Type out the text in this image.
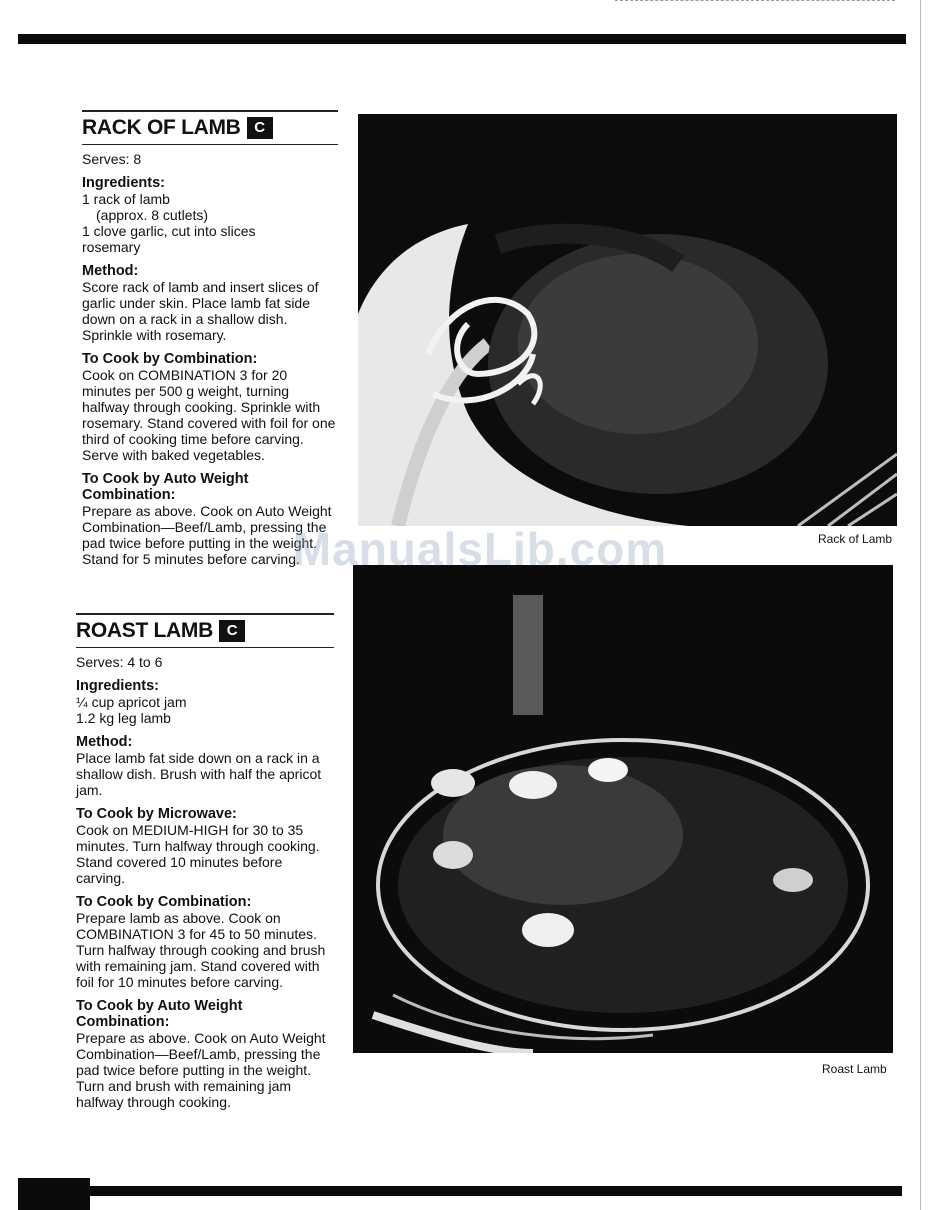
RACK OF LAMB C
Serves: 8
Ingredients:

1 rack of lamb

(approx. 8 cutlets)

1 clove garlic, cut into slices

rosemary

Method:

Score rack of lamb and insert slices of garlic under skin. Place lamb fat side down on a rack in a shallow dish. Sprinkle with rosemary.

To Cook by Combination:

Cook on COMBINATION 3 for 20 minutes per 500 g weight, turning halfway through cooking. Sprinkle with rosemary. Stand covered with foil for one third of cooking time before carving. Serve with baked vegetables.

To Cook by Auto Weight Combination:

Prepare as above. Cook on Auto Weight Combination—Beef/Lamb, pressing the pad twice before putting in the weight. Stand for 5 minutes before carving.

ROAST LAMB C
Serves: 4 to 6
Ingredients:

¼ cup apricot jam

1.2 kg leg lamb

Method:

Place lamb fat side down on a rack in a shallow dish. Brush with half the apricot jam.

To Cook by Microwave:

Cook on MEDIUM-HIGH for 30 to 35 minutes. Turn halfway through cooking. Stand covered 10 minutes before carving.

To Cook by Combination:

Prepare lamb as above. Cook on COMBINATION 3 for 45 to 50 minutes. Turn halfway through cooking and brush with remaining jam. Stand covered with foil for 10 minutes before carving.

To Cook by Auto Weight Combination:

Prepare as above. Cook on Auto Weight Combination—Beef/Lamb, pressing the pad twice before putting in the weight. Turn and brush with remaining jam halfway through cooking.

Rack of Lamb
Roast Lamb
ManualsLib.com
